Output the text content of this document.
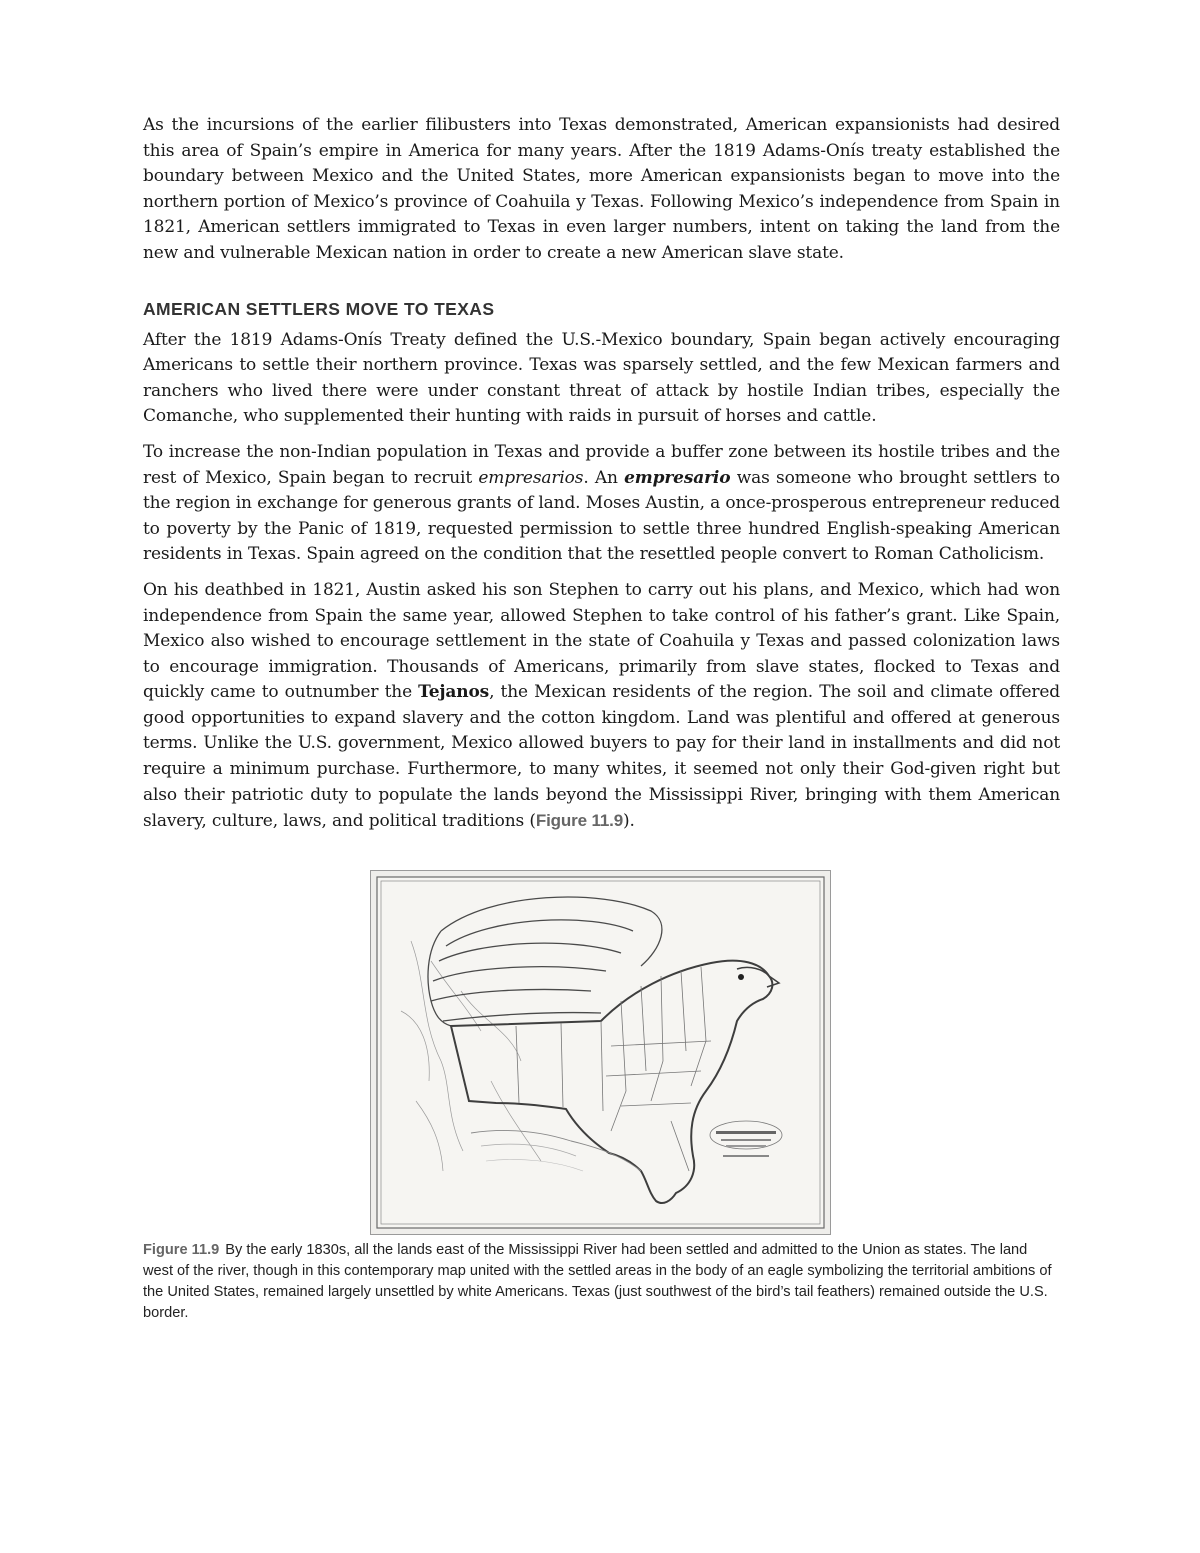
As the incursions of the earlier filibusters into Texas demonstrated, American expansionists had desired this area of Spain’s empire in America for many years. After the 1819 Adams-Onís treaty established the boundary between Mexico and the United States, more American expansionists began to move into the northern portion of Mexico’s province of Coahuila y Texas. Following Mexico’s independence from Spain in 1821, American settlers immigrated to Texas in even larger numbers, intent on taking the land from the new and vulnerable Mexican nation in order to create a new American slave state.

AMERICAN SETTLERS MOVE TO TEXAS

After the 1819 Adams-Onís Treaty defined the U.S.-Mexico boundary, Spain began actively encouraging Americans to settle their northern province. Texas was sparsely settled, and the few Mexican farmers and ranchers who lived there were under constant threat of attack by hostile Indian tribes, especially the Comanche, who supplemented their hunting with raids in pursuit of horses and cattle.

To increase the non-Indian population in Texas and provide a buffer zone between its hostile tribes and the rest of Mexico, Spain began to recruit empresarios. An empresario was someone who brought settlers to the region in exchange for generous grants of land. Moses Austin, a once-prosperous entrepreneur reduced to poverty by the Panic of 1819, requested permission to settle three hundred English-speaking American residents in Texas. Spain agreed on the condition that the resettled people convert to Roman Catholicism.

On his deathbed in 1821, Austin asked his son Stephen to carry out his plans, and Mexico, which had won independence from Spain the same year, allowed Stephen to take control of his father’s grant. Like Spain, Mexico also wished to encourage settlement in the state of Coahuila y Texas and passed colonization laws to encourage immigration. Thousands of Americans, primarily from slave states, flocked to Texas and quickly came to outnumber the Tejanos, the Mexican residents of the region. The soil and climate offered good opportunities to expand slavery and the cotton kingdom. Land was plentiful and offered at generous terms. Unlike the U.S. government, Mexico allowed buyers to pay for their land in installments and did not require a minimum purchase. Furthermore, to many whites, it seemed not only their God-given right but also their patriotic duty to populate the lands beyond the Mississippi River, bringing with them American slavery, culture, laws, and political traditions (Figure 11.9).

Figure 11.9 By the early 1830s, all the lands east of the Mississippi River had been settled and admitted to the Union as states. The land west of the river, though in this contemporary map united with the settled areas in the body of an eagle symbolizing the territorial ambitions of the United States, remained largely unsettled by white Americans. Texas (just southwest of the bird’s tail feathers) remained outside the U.S. border.
